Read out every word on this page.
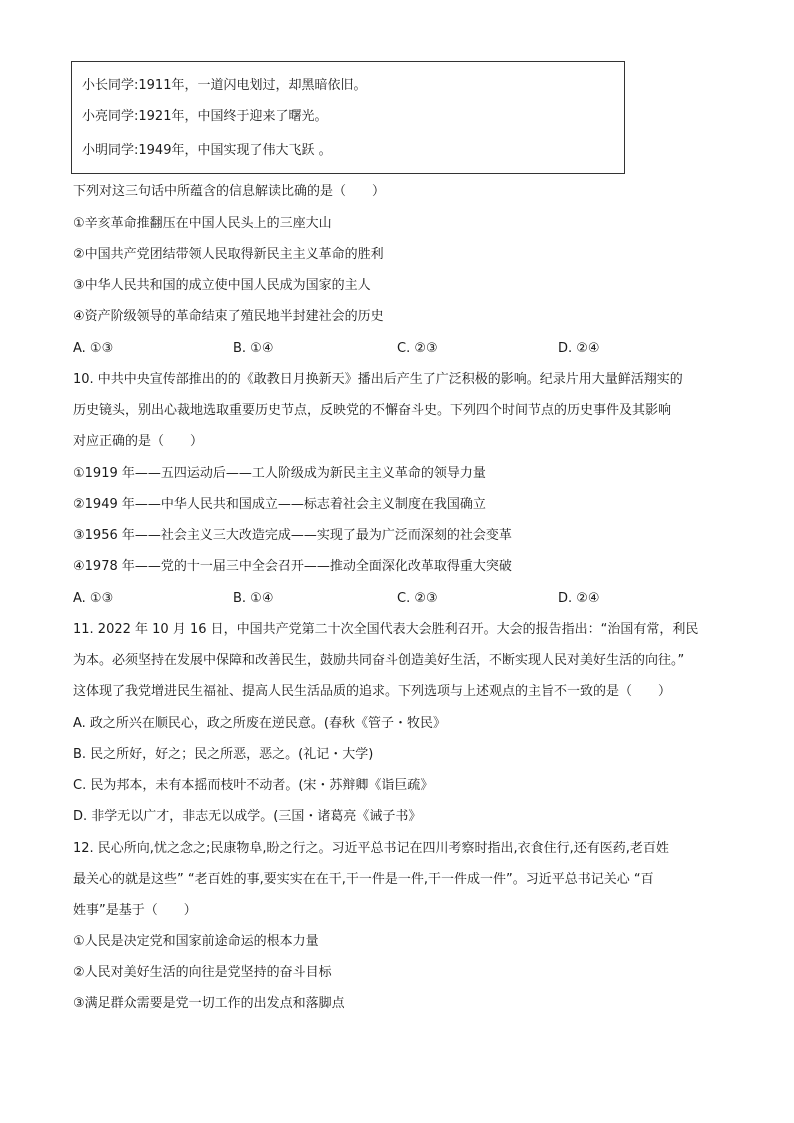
小长同学:1911年，一道闪电划过，却黑暗依旧。
小亮同学:1921年，中国终于迎来了曙光。
小明同学:1949年，中国实现了伟大飞跃 。
下列对这三句话中所蕴含的信息解读比确的是（　　）
①辛亥革命推翻压在中国人民头上的三座大山
②中国共产党团结带领人民取得新民主主义革命的胜利
③中华人民共和国的成立使中国人民成为国家的主人
④资产阶级领导的革命结束了殖民地半封建社会的历史
A. ①③	B. ①④	C. ②③	D. ②④
10. 中共中央宣传部推出的的《敢教日月换新天》播出后产生了广泛积极的影响。纪录片用大量鲜活翔实的
历史镜头，别出心裁地选取重要历史节点，反映党的不懈奋斗史。下列四个时间节点的历史事件及其影响
对应正确的是（　　）
①1919 年——五四运动后——工人阶级成为新民主主义革命的领导力量
②1949 年——中华人民共和国成立——标志着社会主义制度在我国确立
③1956 年——社会主义三大改造完成——实现了最为广泛而深刻的社会变革
④1978 年——党的十一届三中全会召开——推动全面深化改革取得重大突破
A. ①③	B. ①④	C. ②③	D. ②④
11. 2022 年 10 月 16 日，中国共产党第二十次全国代表大会胜利召开。大会的报告指出：“治国有常，利民
为本。必须坚持在发展中保障和改善民生，鼓励共同奋斗创造美好生活，不断实现人民对美好生活的向往。”
这体现了我党增进民生福祉、提高人民生活品质的追求。下列选项与上述观点的主旨不一致的是（　　）
A. 政之所兴在顺民心，政之所废在逆民意。(春秋《管子・牧民》
B. 民之所好，好之；民之所恶，恶之。(礼记・大学)
C. 民为邦本，未有本摇而枝叶不动者。(宋・苏辩卿《诣巨疏》
D. 非学无以广才，非志无以成学。(三国・诸葛亮《诫子书》
12. 民心所向,忧之念之;民康物阜,盼之行之。习近平总书记在四川考察时指出,衣食住行,还有医药,老百姓
最关心的就是这些” “老百姓的事,要实实在在干,干一件是一件,干一件成一件”。习近平总书记关心 “百
姓事”是基于（　　）
①人民是决定党和国家前途命运的根本力量
②人民对美好生活的向往是党坚持的奋斗目标
③满足群众需要是党一切工作的出发点和落脚点
